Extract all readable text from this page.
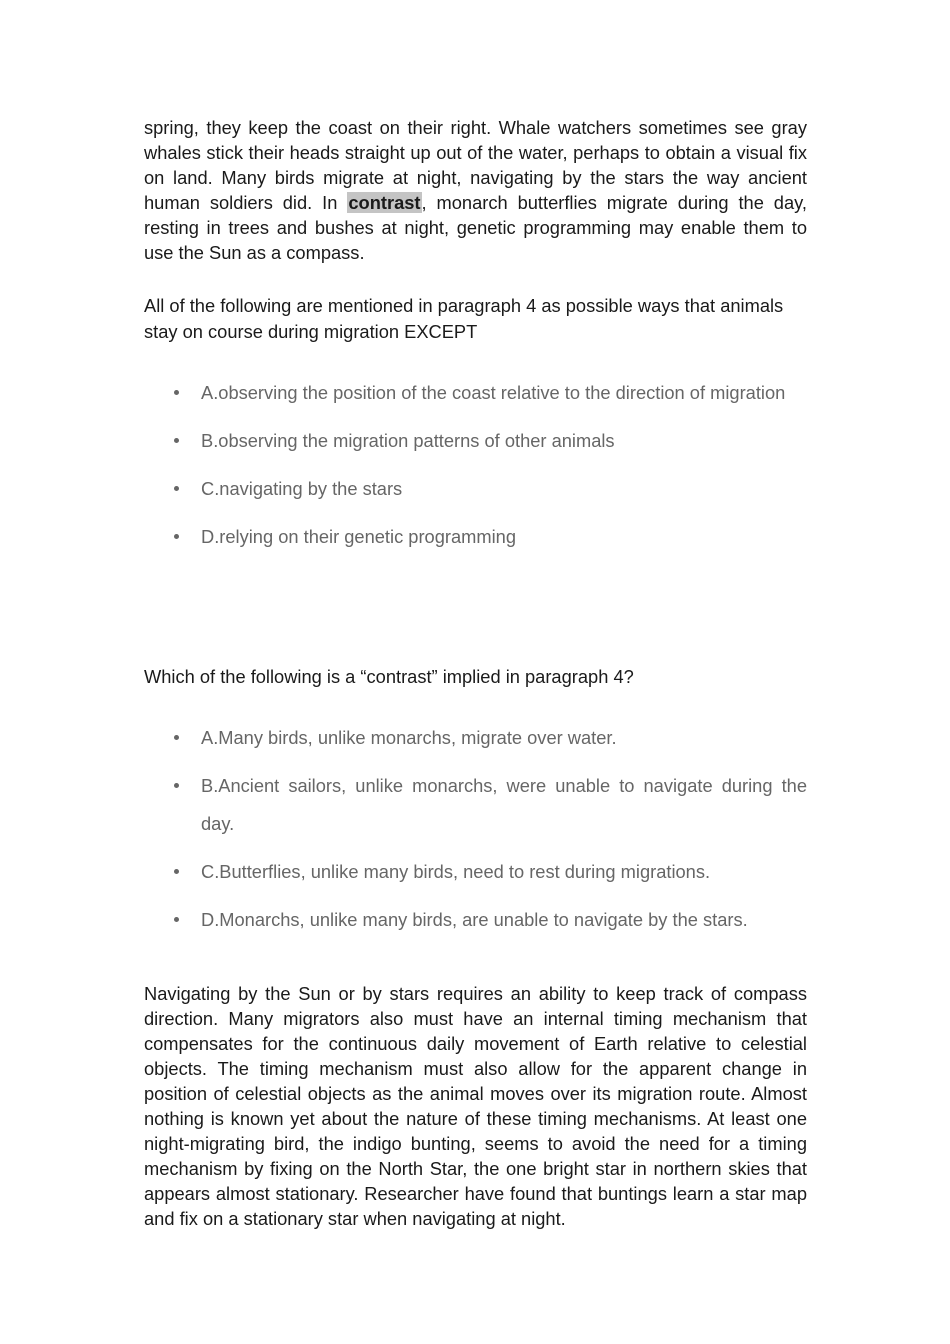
spring, they keep the coast on their right. Whale watchers sometimes see gray whales stick their heads straight up out of the water, perhaps to obtain a visual fix on land. Many birds migrate at night, navigating by the stars the way ancient human soldiers did. In contrast, monarch butterflies migrate during the day, resting in trees and bushes at night, genetic programming may enable them to use the Sun as a compass.

All of the following are mentioned in paragraph 4 as possible ways that animals stay on course during migration EXCEPT

A.observing the position of the coast relative to the direction of migration
B.observing the migration patterns of other animals
C.navigating by the stars
D.relying on their genetic programming

Which of the following is a “contrast” implied in paragraph 4?

A.Many birds, unlike monarchs, migrate over water.
B.Ancient sailors, unlike monarchs, were unable to navigate during the day.
C.Butterflies, unlike many birds, need to rest during migrations.
D.Monarchs, unlike many birds, are unable to navigate by the stars.

Navigating by the Sun or by stars requires an ability to keep track of compass direction. Many migrators also must have an internal timing mechanism that compensates for the continuous daily movement of Earth relative to celestial objects. The timing mechanism must also allow for the apparent change in position of celestial objects as the animal moves over its migration route. Almost nothing is known yet about the nature of these timing mechanisms. At least one night-migrating bird, the indigo bunting, seems to avoid the need for a timing mechanism by fixing on the North Star, the one bright star in northern skies that appears almost stationary. Researcher have found that buntings learn a star map and fix on a stationary star when navigating at night.
